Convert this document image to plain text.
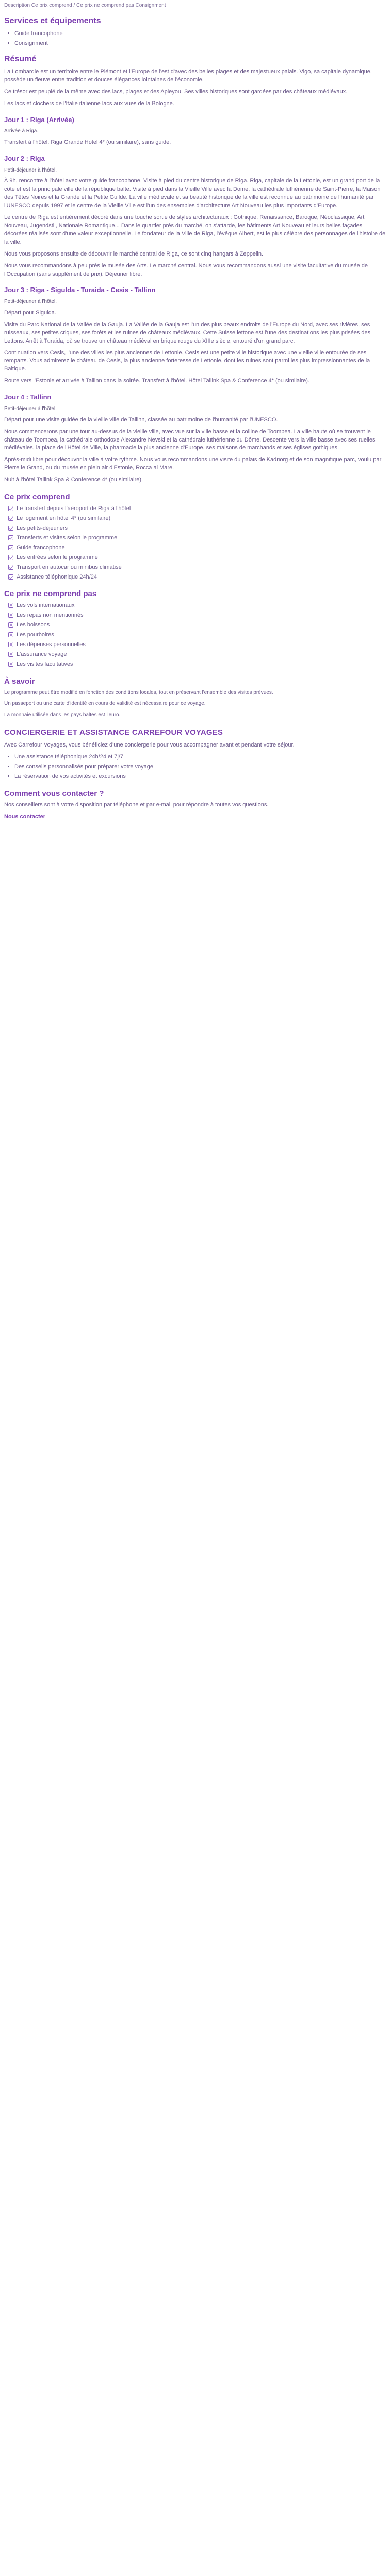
Description Ce prix comprend / Ce prix ne comprend pas Consignment

Services et équipements
• Guide francophone
• Consignment
Résumé

La Lombardie est un territoire entre le Piémont et l'Europe de l'est d'avec des belles plages et des majestueux palais. Vigo, sa capitale dynamique, possède un fleuve entre tradition et douces élégances lointaines de l'économie.

Ce trésor est peuplé de la même avec des lacs, plages et des Apleyou. Ses villes historiques sont gardées par des châteaux médiévaux.

Les lacs et clochers de l'Italie italienne lacs aux vues de la Bologne.

Jour 1 : Riga (Arrivée)

Arrivée à Riga.

Transfert à l'hôtel. Riga Grande Hotel 4* (ou similaire), sans guide.

Jour 2 : Riga

Petit-déjeuner à l'hôtel.

À 9h, rencontre à l'hôtel avec votre guide francophone. Visite à pied du centre historique de Riga. Riga, capitale de la Lettonie, est un grand port de la côte et est la principale ville de la république balte. Visite à pied dans la Vieille Ville avec la Dome, la cathédrale luthérienne de Saint-Pierre, la Maison des Têtes Noires et la Grande et la Petite Guilde. La ville médiévale et sa beauté historique de la ville est reconnue au patrimoine de l'humanité par l'UNESCO depuis 1997 et le centre de la Vieille Ville est l'un des ensembles d'architecture Art Nouveau les plus importants d'Europe.

Le centre de Riga est entièrement décoré dans une touche sortie de styles architecturaux : Gothique, Renaissance, Baroque, Néoclassique, Art Nouveau, Jugendstil, Nationale Romantique... Dans le quartier près du marché, on s'attarde, les bâtiments Art Nouveau et leurs belles façades décorées réalisés sont d'une valeur exceptionnelle. Le fondateur de la Ville de Riga, l'évêque Albert, est le plus célèbre des personnages de l'histoire de la ville.

Nous vous proposons ensuite de découvrir le marché central de Riga, ce sont cinq hangars à Zeppelin.

Nous vous recommandons à peu près le musée des Arts. Le marché central. Nous vous recommandons aussi une visite facultative du musée de l'Occupation (sans supplément de prix). Déjeuner libre.

Jour 3 : Riga - Sigulda - Turaida - Cesis - Tallinn

Petit-déjeuner à l'hôtel.

Départ pour Sigulda.

Visite du Parc National de la Vallée de la Gauja. La Vallée de la Gauja est l'un des plus beaux endroits de l'Europe du Nord, avec ses rivières, ses ruisseaux, ses petites criques, ses forêts et les ruines de châteaux médiévaux. Cette Suisse lettone est l'une des destinations les plus prisées des Lettons. Arrêt à Turaida, où se trouve un château médiéval en brique rouge du XIIIe siècle, entouré d'un grand parc.

Continuation vers Cesis, l'une des villes les plus anciennes de Lettonie. Cesis est une petite ville historique avec une vieille ville entourée de ses remparts. Vous admirerez le château de Cesis, la plus ancienne forteresse de Lettonie, dont les ruines sont parmi les plus impressionnantes de la Baltique.

Route vers l'Estonie et arrivée à Tallinn dans la soirée. Transfert à l'hôtel. Hôtel Tallink Spa & Conference 4* (ou similaire).

Jour 4 : Tallinn

Petit-déjeuner à l'hôtel.

Départ pour une visite guidée de la vieille ville de Tallinn, classée au patrimoine de l'humanité par l'UNESCO.

Nous commencerons par une tour au-dessus de la vieille ville, avec vue sur la ville basse et la colline de Toompea. La ville haute où se trouvent le château de Toompea, la cathédrale orthodoxe Alexandre Nevski et la cathédrale luthérienne du Dôme. Descente vers la ville basse avec ses ruelles médiévales, la place de l'Hôtel de Ville, la pharmacie la plus ancienne d'Europe, ses maisons de marchands et ses églises gothiques.

Après-midi libre pour découvrir la ville à votre rythme. Nous vous recommandons une visite du palais de Kadriorg et de son magnifique parc, voulu par Pierre le Grand, ou du musée en plein air d'Estonie, Rocca al Mare.

Nuit à l'hôtel Tallink Spa & Conference 4* (ou similaire).

Ce prix comprend
Le transfert depuis l'aéroport de Riga à l'hôtel
Le logement en hôtel 4* (ou similaire)
Les petits-déjeuners
Transferts et visites selon le programme
Guide francophone
Les entrées selon le programme
Transport en autocar ou minibus climatisé
Assistance téléphonique 24h/24
Ce prix ne comprend pas
Les vols internationaux
Les repas non mentionnés
Les boissons
Les pourboires
Les dépenses personnelles
L'assurance voyage
Les visites facultatives
À savoir

Le programme peut être modifié en fonction des conditions locales, tout en préservant l'ensemble des visites prévues.

Un passeport ou une carte d'identité en cours de validité est nécessaire pour ce voyage.

La monnaie utilisée dans les pays baltes est l'euro.

CONCIERGERIE ET ASSISTANCE CARREFOUR VOYAGES

Avec Carrefour Voyages, vous bénéficiez d'une conciergerie pour vous accompagner avant et pendant votre séjour.

• Une assistance téléphonique 24h/24 et 7j/7
• Des conseils personnalisés pour préparer votre voyage
• La réservation de vos activités et excursions
Comment vous contacter ?

Nos conseillers sont à votre disposition par téléphone et par e-mail pour répondre à toutes vos questions.

Nous contacter
